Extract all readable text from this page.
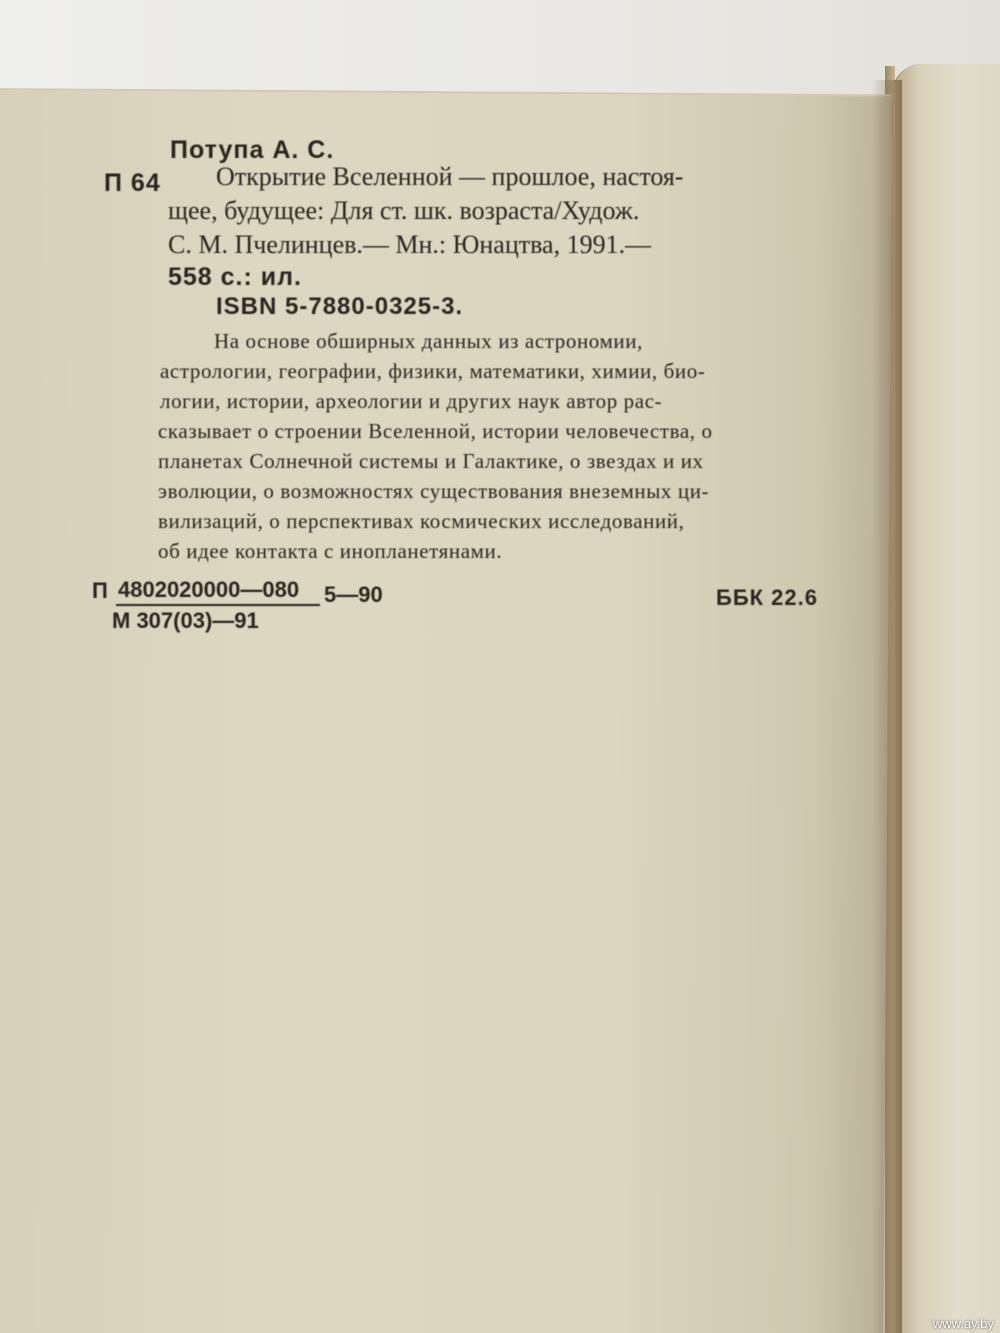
Потупа А. С.
П 64 Открытие Вселенной — прошлое, настоя-
щее, будущее: Для ст. шк. возраста/Худож.
С. М. Пчелинцев.— Мн.: Юнацтва, 1991.—
558 с.: ил.
ISBN 5-7880-0325-3.
На основе обширных данных из астрономии,
астрологии, географии, физики, математики, химии, био-
логии, истории, археологии и других наук автор рас-
сказывает о строении Вселенной, истории человечества, о
планетах Солнечной системы и Галактике, о звездах и их
эволюции, о возможностях существования внеземных ци-
вилизаций, о перспективах космических исследований,
об идее контакта с инопланетянами.
П 4802020000—080
М 307(03)—91
5—90	ББК 22.6
www.ay.by
